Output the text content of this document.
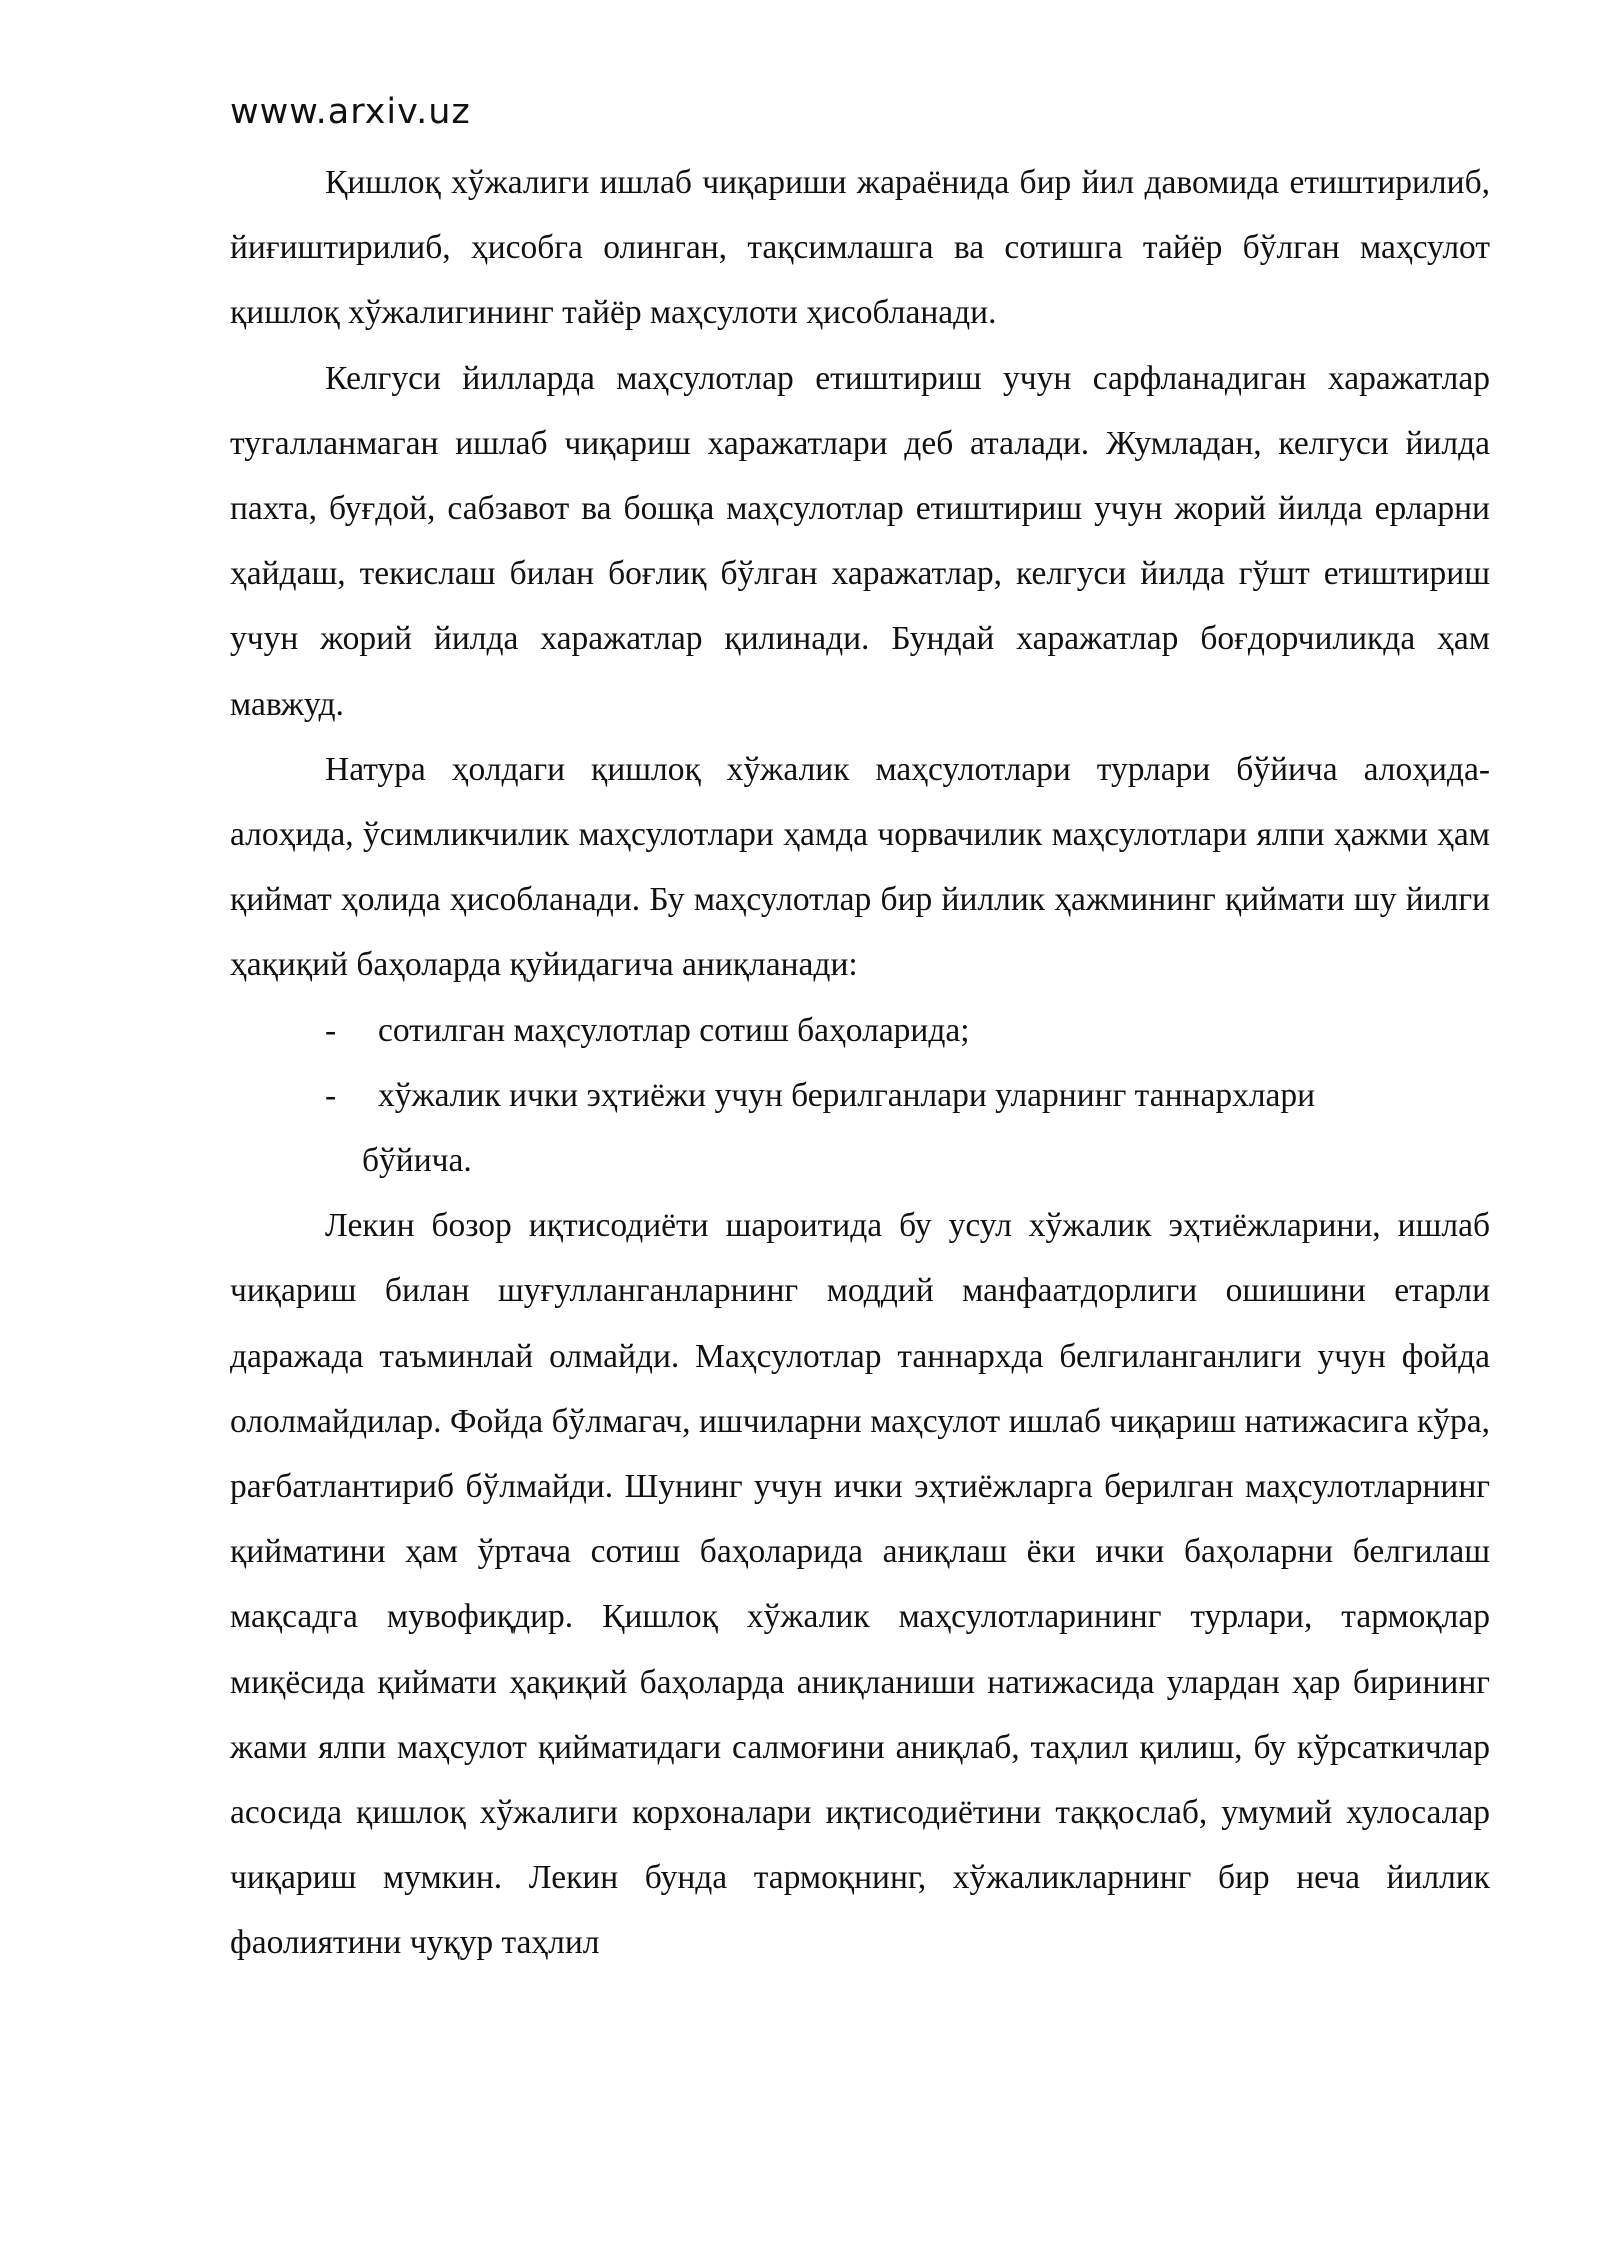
www.arxiv.uz

Қишлоқ хўжалиги ишлаб чиқариши жараёнида бир йил давомида етиштирилиб, йиғиштирилиб, ҳисобга олинган, тақсимлашга ва сотишга тайёр бўлган маҳсулот қишлоқ хўжалигининг тайёр маҳсулоти ҳисобланади.

Келгуси йилларда маҳсулотлар етиштириш учун сарфланадиган харажатлар тугалланмаган ишлаб чиқариш харажатлари деб аталади. Жумладан, келгуси йилда пахта, буғдой, сабзавот ва бошқа маҳсулотлар етиштириш учун жорий йилда ерларни ҳайдаш, текислаш билан боғлиқ бўлган харажатлар, келгуси йилда гўшт етиштириш учун жорий йилда харажатлар қилинади. Бундай харажатлар боғдорчиликда ҳам мавжуд.

Натура ҳолдаги қишлоқ хўжалик маҳсулотлари турлари бўйича алоҳида-алоҳида, ўсимликчилик маҳсулотлари ҳамда чорвачилик маҳсулотлари ялпи ҳажми ҳам қиймат ҳолида ҳисобланади. Бу маҳсулотлар бир йиллик ҳажмининг қиймати шу йилги ҳақиқий баҳоларда қуйидагича аниқланади:

- сотилган маҳсулотлар сотиш баҳоларида;
- хўжалик ички эҳтиёжи учун берилганлари уларнинг таннархлари
бўйича.

Лекин бозор иқтисодиёти шароитида бу усул хўжалик эҳтиёжларини, ишлаб чиқариш билан шуғулланганларнинг моддий манфаатдорлиги ошишини етарли даражада таъминлай олмайди. Маҳсулотлар таннархда белгиланганлиги учун фойда ололмайдилар. Фойда бўлмагач, ишчиларни маҳсулот ишлаб чиқариш натижасига кўра, рағбатлантириб бўлмайди. Шунинг учун ички эҳтиёжларга берилган маҳсулотларнинг қийматини ҳам ўртача сотиш баҳоларида аниқлаш ёки ички баҳоларни белгилаш мақсадга мувофиқдир. Қишлоқ хўжалик маҳсулотларининг турлари, тармоқлар миқёсида қиймати ҳақиқий баҳоларда аниқланиши натижасида улардан ҳар бирининг жами ялпи маҳсулот қийматидаги салмоғини аниқлаб, таҳлил қилиш, бу кўрсаткичлар асосида қишлоқ хўжалиги корхоналари иқтисодиётини таққослаб, умумий хулосалар чиқариш мумкин. Лекин бунда тармоқнинг, хўжаликларнинг бир неча йиллик фаолиятини чуқур таҳлил
